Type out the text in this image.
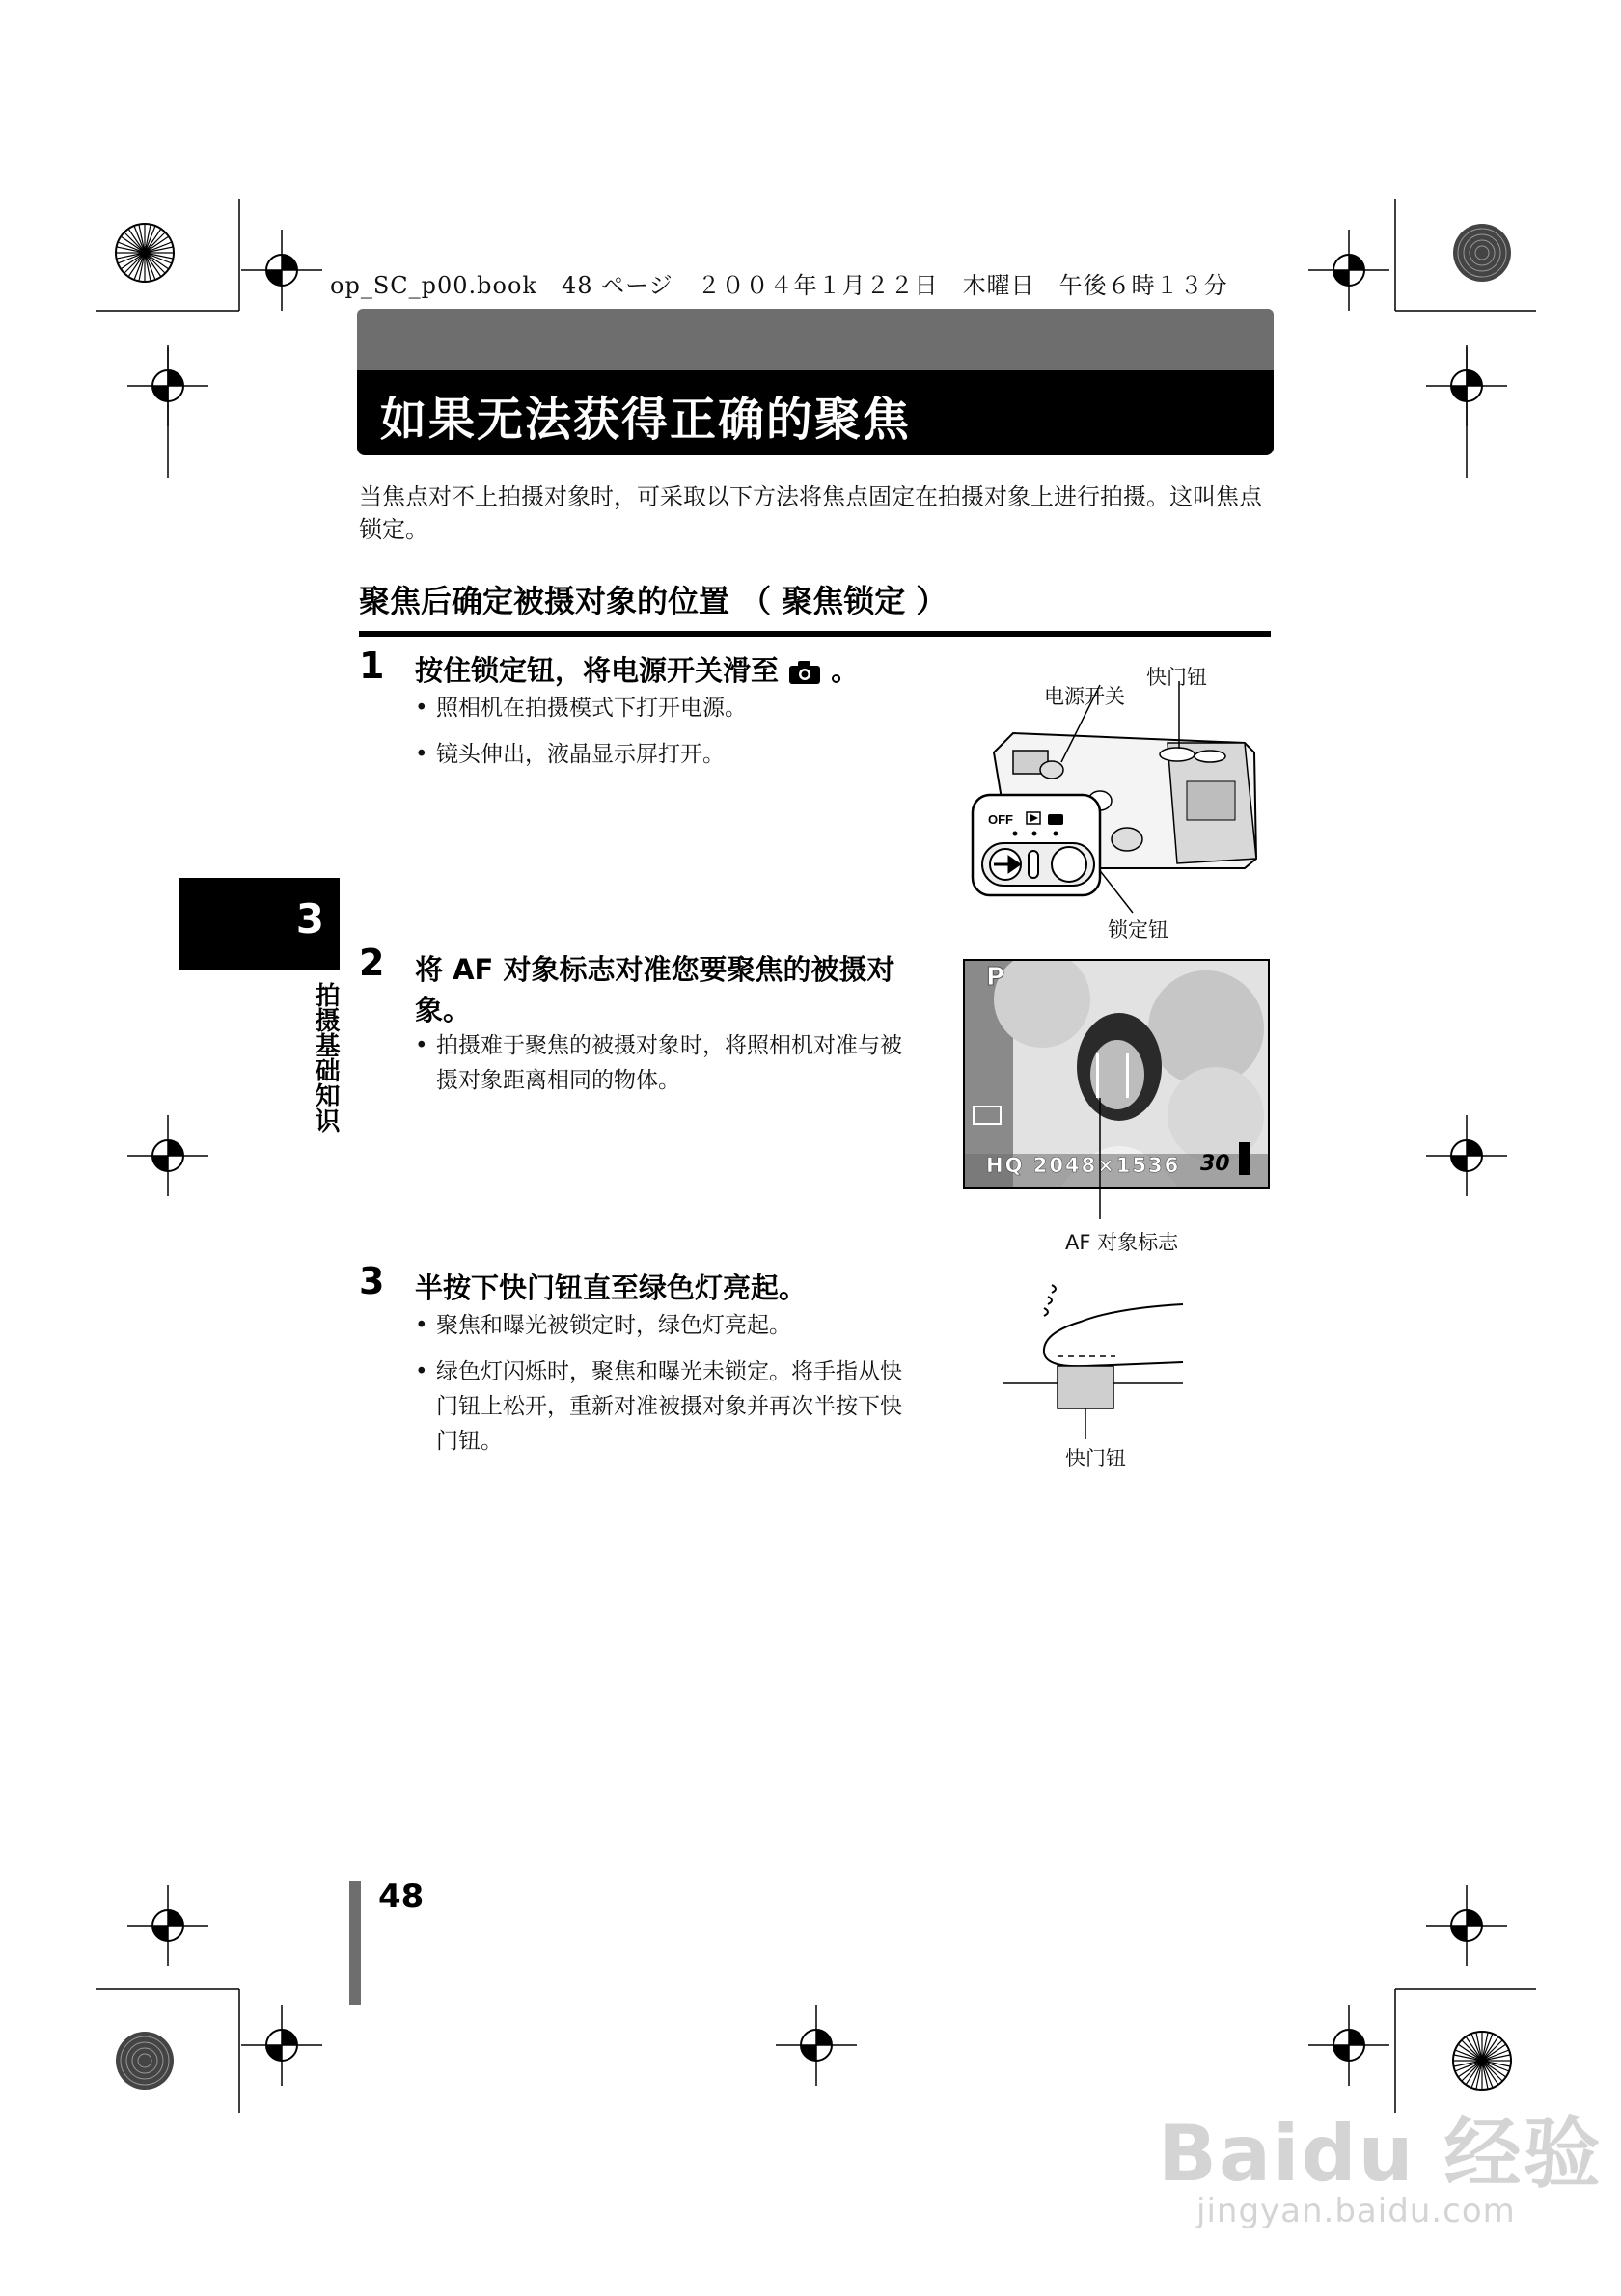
op_SC_p00.book　48 ページ　２００４年１月２２日　木曜日　午後６時１３分
如果无法获得正确的聚焦
当焦点对不上拍摄对象时，可采取以下方法将焦点固定在拍摄对象上进行拍摄。这叫焦点锁定。
聚焦后确定被摄对象的位置 （ 聚焦锁定 ）
3
拍摄基础知识
1 按住锁定钮，将电源开关滑至 。
• 照相机在拍摄模式下打开电源。
• 镜头伸出，液晶显示屏打开。
OFF
电源开关
快门钮
锁定钮
2 将 AF 对象标志对准您要聚焦的被摄对象。
• 拍摄难于聚焦的被摄对象时，将照相机对准与被摄对象距离相同的物体。
P
HQ 2048×1536 30
AF 对象标志
3 半按下快门钮直至绿色灯亮起。
• 聚焦和曝光被锁定时，绿色灯亮起。
• 绿色灯闪烁时，聚焦和曝光未锁定。将手指从快门钮上松开，重新对准被摄对象并再次半按下快门钮。
快门钮
48
Baidu 经验
jingyan.baidu.com
